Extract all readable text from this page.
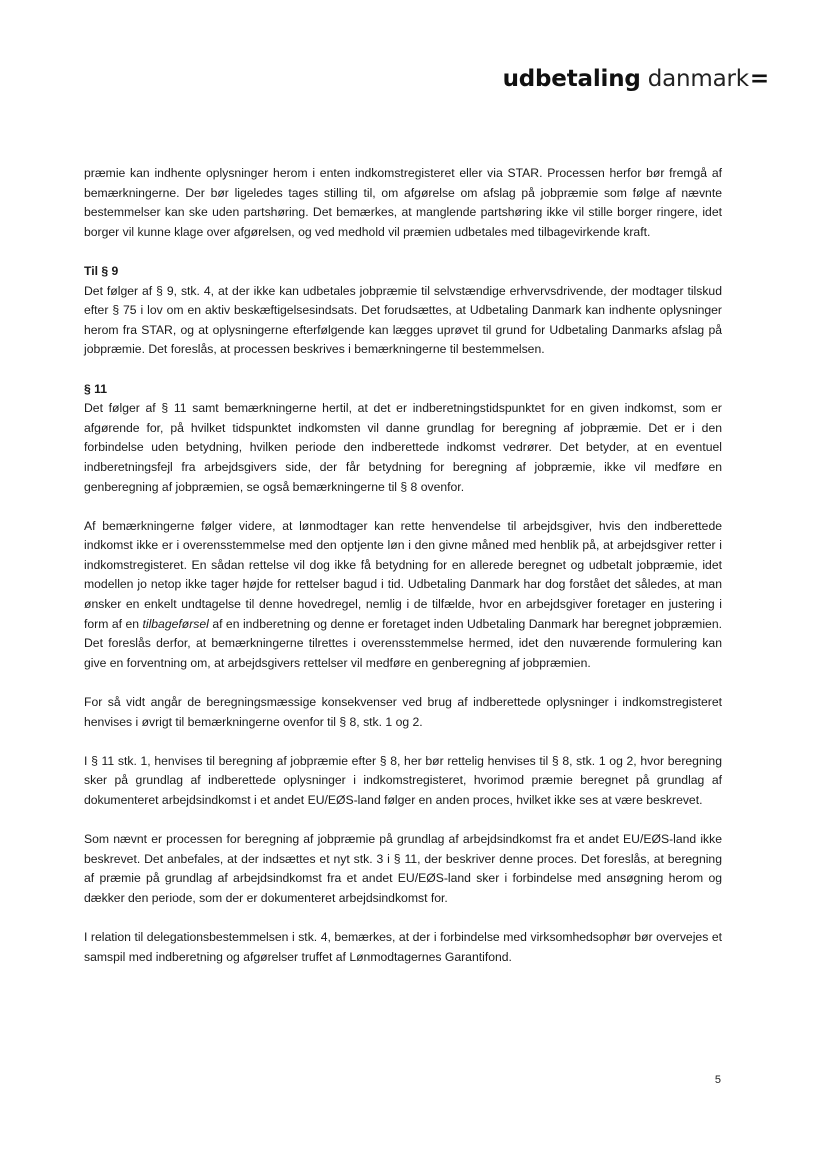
udbetaling danmark=

præmie kan indhente oplysninger herom i enten indkomstregisteret eller via STAR. Processen herfor bør fremgå af bemærkningerne. Der bør ligeledes tages stilling til, om afgørelse om afslag på jobpræmie som følge af nævnte bestemmelser kan ske uden partshøring. Det bemærkes, at manglende partshøring ikke vil stille borger ringere, idet borger vil kunne klage over afgørelsen, og ved medhold vil præmien udbetales med tilbagevirkende kraft.

Til § 9

Det følger af § 9, stk. 4, at der ikke kan udbetales jobpræmie til selvstændige erhvervsdrivende, der modtager tilskud efter § 75 i lov om en aktiv beskæftigelsesindsats. Det forudsættes, at Udbetaling Danmark kan indhente oplysninger herom fra STAR, og at oplysningerne efterfølgende kan lægges uprøvet til grund for Udbetaling Danmarks afslag på jobpræmie. Det foreslås, at processen beskrives i bemærkningerne til bestemmelsen.

§ 11

Det følger af § 11 samt bemærkningerne hertil, at det er indberetningstidspunktet for en given indkomst, som er afgørende for, på hvilket tidspunktet indkomsten vil danne grundlag for beregning af jobpræmie. Det er i den forbindelse uden betydning, hvilken periode den indberettede indkomst vedrører. Det betyder, at en eventuel indberetningsfejl fra arbejdsgivers side, der får betydning for beregning af jobpræmie, ikke vil medføre en genberegning af jobpræmien, se også bemærkningerne til § 8 ovenfor.

Af bemærkningerne følger videre, at lønmodtager kan rette henvendelse til arbejdsgiver, hvis den indberettede indkomst ikke er i overensstemmelse med den optjente løn i den givne måned med henblik på, at arbejdsgiver retter i indkomstregisteret. En sådan rettelse vil dog ikke få betydning for en allerede beregnet og udbetalt jobpræmie, idet modellen jo netop ikke tager højde for rettelser bagud i tid. Udbetaling Danmark har dog forstået det således, at man ønsker en enkelt undtagelse til denne hovedregel, nemlig i de tilfælde, hvor en arbejdsgiver foretager en justering i form af en tilbageførsel af en indberetning og denne er foretaget inden Udbetaling Danmark har beregnet jobpræmien. Det foreslås derfor, at bemærkningerne tilrettes i overensstemmelse hermed, idet den nuværende formulering kan give en forventning om, at arbejdsgivers rettelser vil medføre en genberegning af jobpræmien.

For så vidt angår de beregningsmæssige konsekvenser ved brug af indberettede oplysninger i indkomstregisteret henvises i øvrigt til bemærkningerne ovenfor til § 8, stk. 1 og 2.

I § 11 stk. 1, henvises til beregning af jobpræmie efter § 8, her bør rettelig henvises til § 8, stk. 1 og 2, hvor beregning sker på grundlag af indberettede oplysninger i indkomstregisteret, hvorimod præmie beregnet på grundlag af dokumenteret arbejdsindkomst i et andet EU/EØS-land følger en anden proces, hvilket ikke ses at være beskrevet.

Som nævnt er processen for beregning af jobpræmie på grundlag af arbejdsindkomst fra et andet EU/EØS-land ikke beskrevet. Det anbefales, at der indsættes et nyt stk. 3 i § 11, der beskriver denne proces. Det foreslås, at beregning af præmie på grundlag af arbejdsindkomst fra et andet EU/EØS-land sker i forbindelse med ansøgning herom og dækker den periode, som der er dokumenteret arbejdsindkomst for.

I relation til delegationsbestemmelsen i stk. 4, bemærkes, at der i forbindelse med virksomhedsophør bør overvejes et samspil med indberetning og afgørelser truffet af Lønmodtagernes Garantifond.

5
